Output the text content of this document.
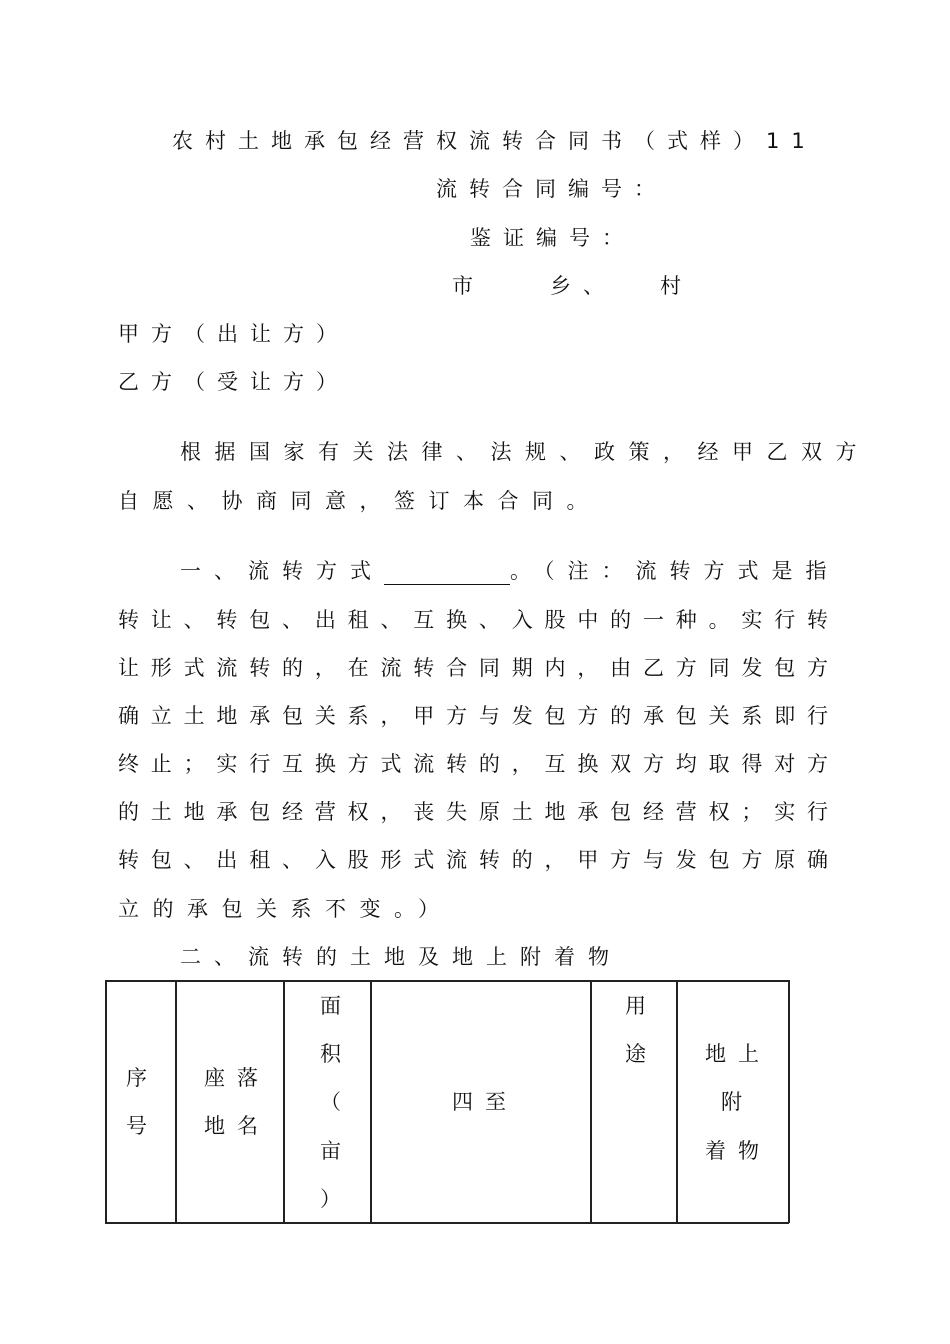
农村土地承包经营权流转合同书（式样）11
流转合同编号：
鉴证编号：
市	乡、 村
甲方（出让方）
乙方（受让方）
根据国家有关法律、法规、政策，经甲乙双方
自愿、协商同意，签订本合同。
一、流转方式	。（注：流转方式是指
转让、转包、出租、互换、入股中的一种。实行转
让形式流转的，在流转合同期内，由乙方同发包方
确立土地承包关系，甲方与发包方的承包关系即行
终止；实行互换方式流转的，互换双方均取得对方
的土地承包经营权，丧失原土地承包经营权；实行
转包、出租、入股形式流转的，甲方与发包方原确
立的承包关系不变。）
二、流转的土地及地上附着物
序
号
座落
地名
面
积
（
亩
）
四至
用
途 地上
附
着物
